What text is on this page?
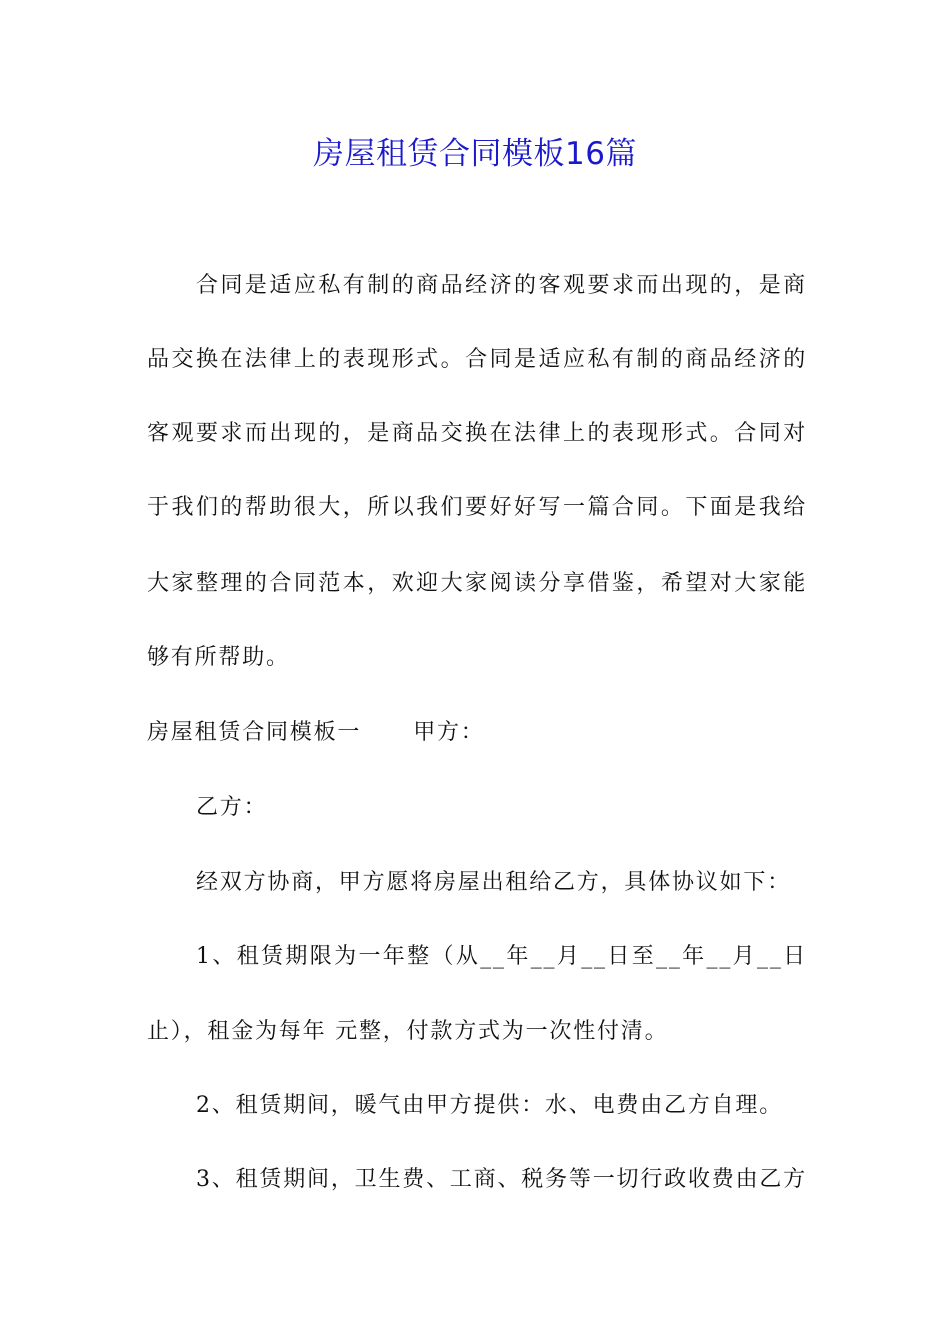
房屋租赁合同模板16篇
合同是适应私有制的商品经济的客观要求而出现的，是商
品交换在法律上的表现形式。合同是适应私有制的商品经济的
客观要求而出现的，是商品交换在法律上的表现形式。合同对
于我们的帮助很大，所以我们要好好写一篇合同。下面是我给
大家整理的合同范本，欢迎大家阅读分享借鉴，希望对大家能
够有所帮助。
房屋租赁合同模板一 甲方：
乙方：
经双方协商，甲方愿将房屋出租给乙方，具体协议如下：
1、租赁期限为一年整（从__年__月__日至__年__月__日
止），租金为每年 元整，付款方式为一次性付清。
2、租赁期间，暖气由甲方提供：水、电费由乙方自理。
3、租赁期间，卫生费、工商、税务等一切行政收费由乙方
